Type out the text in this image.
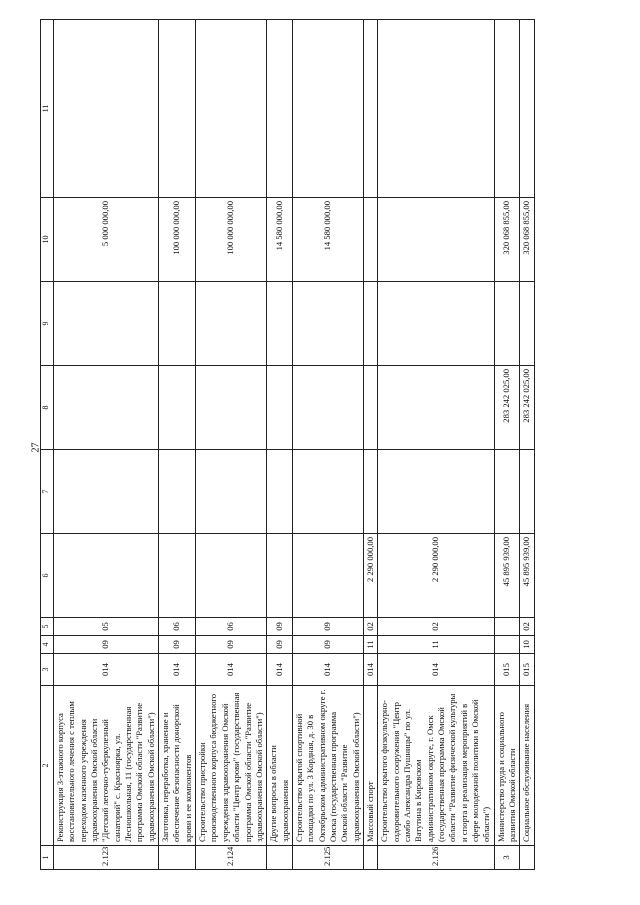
27
1	2	3	4	5	6	7	8	9	10	11
2.123	Реконструкция 3-этажного корпуса восстановительного лечения с теплым переходом казенного учреждения здравоохранения Омской области "Детский легочно-туберкулезный санаторий" с. Красноярка, ул. Лесношкольная, 11 (государственная программа Омской области "Развитие здравоохранения Омской области")	014	09	05					5 000 000,00	
	Заготовка, переработка, хранение и обеспечение безопасности донорской крови и ее компонентов	014	09	06					100 000 000,00	
2.124	Строительство пристройки производственного корпуса бюджетного учреждения здравоохранения Омской области "Центр крови" (государственная программа Омской области "Развитие здравоохранения Омской области")	014	09	06					100 000 000,00	
	Другие вопросы в области здравоохранения	014	09	09					14 580 000,00	
2.125	Строительство крытой спортивной площадки по ул. 3 Кордная, д. 30 в Октябрьском административном округе г. Омска (государственная программа Омской области "Развитие здравоохранения Омской области")	014	09	09					14 580 000,00	
	Массовый спорт	014	11	02	2 290 000,00					
2.126	Строительство крытого физкультурно-оздоровительного сооружения "Центр самбо Александра Пушницы" по ул. Ватутина в Кировском административном округе, г. Омск (государственная программа Омской области "Развитие физической культуры и спорта и реализация мероприятий в сфере молодежной политики в Омской области")	014	11	02	2 290 000,00					
3	Министерство труда и социального развития Омской области	015			45 895 939,00		283 242 025,00		320 068 855,00	
	Социальное обслуживание населения	015	10	02	45 895 939,00		283 242 025,00		320 068 855,00	
